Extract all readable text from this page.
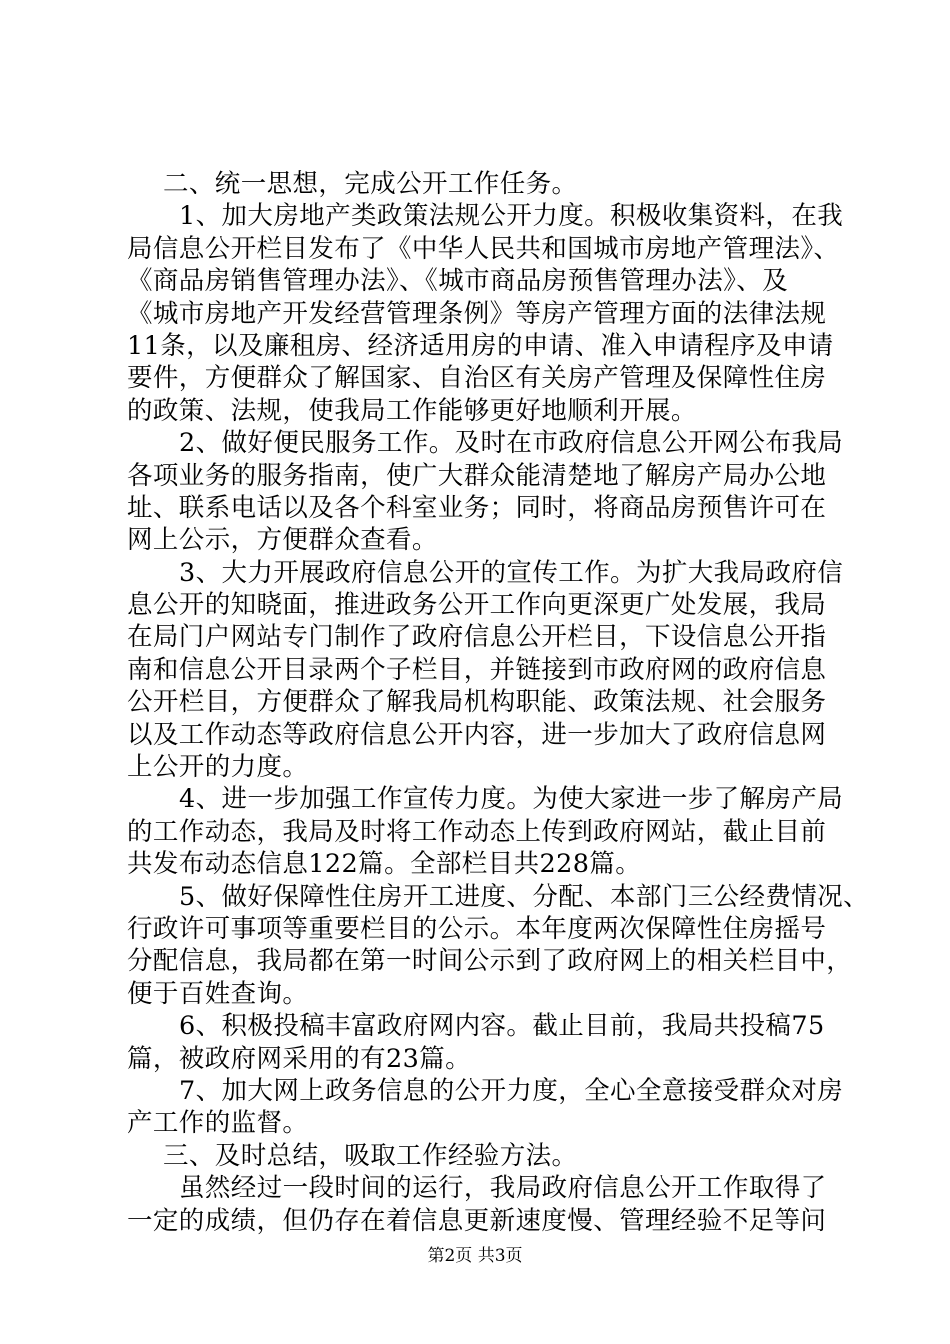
二、统一思想，完成公开工作任务。
1、加大房地产类政策法规公开力度。积极收集资料，在我
局信息公开栏目发布了《中华人民共和国城市房地产管理法》、
《商品房销售管理办法》、《城市商品房预售管理办法》、及
《城市房地产开发经营管理条例》等房产管理方面的法律法规
11条，以及廉租房、经济适用房的申请、准入申请程序及申请
要件，方便群众了解国家、自治区有关房产管理及保障性住房
的政策、法规，使我局工作能够更好地顺利开展。
2、做好便民服务工作。及时在市政府信息公开网公布我局
各项业务的服务指南，使广大群众能清楚地了解房产局办公地
址、联系电话以及各个科室业务；同时，将商品房预售许可在
网上公示，方便群众查看。
3、大力开展政府信息公开的宣传工作。为扩大我局政府信
息公开的知晓面，推进政务公开工作向更深更广处发展，我局
在局门户网站专门制作了政府信息公开栏目，下设信息公开指
南和信息公开目录两个子栏目，并链接到市政府网的政府信息
公开栏目，方便群众了解我局机构职能、政策法规、社会服务
以及工作动态等政府信息公开内容，进一步加大了政府信息网
上公开的力度。
4、进一步加强工作宣传力度。为使大家进一步了解房产局
的工作动态，我局及时将工作动态上传到政府网站，截止目前
共发布动态信息122篇。全部栏目共228篇。
5、做好保障性住房开工进度、分配、本部门三公经费情况、
行政许可事项等重要栏目的公示。本年度两次保障性住房摇号
分配信息，我局都在第一时间公示到了政府网上的相关栏目中，
便于百姓查询。
6、积极投稿丰富政府网内容。截止目前，我局共投稿75
篇，被政府网采用的有23篇。
7、加大网上政务信息的公开力度，全心全意接受群众对房
产工作的监督。
三、及时总结，吸取工作经验方法。
虽然经过一段时间的运行，我局政府信息公开工作取得了
一定的成绩，但仍存在着信息更新速度慢、管理经验不足等问
第2页 共3页
